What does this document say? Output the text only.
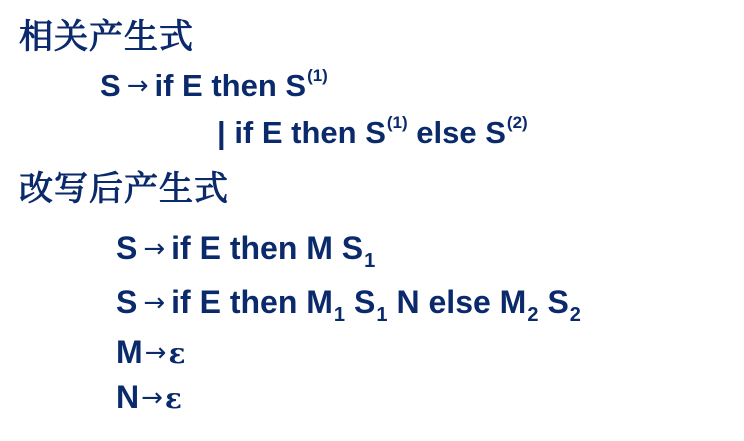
相关产生式
S → if E then $S^{(1)}$
| if E then $S^{(1)}$ else $S^{(2)}$
改写后产生式
S → if E then M $S_1$
S → if E then $M_1$ $S_1$ N else $M_2$ $S_2$
M→ε
N→ε
